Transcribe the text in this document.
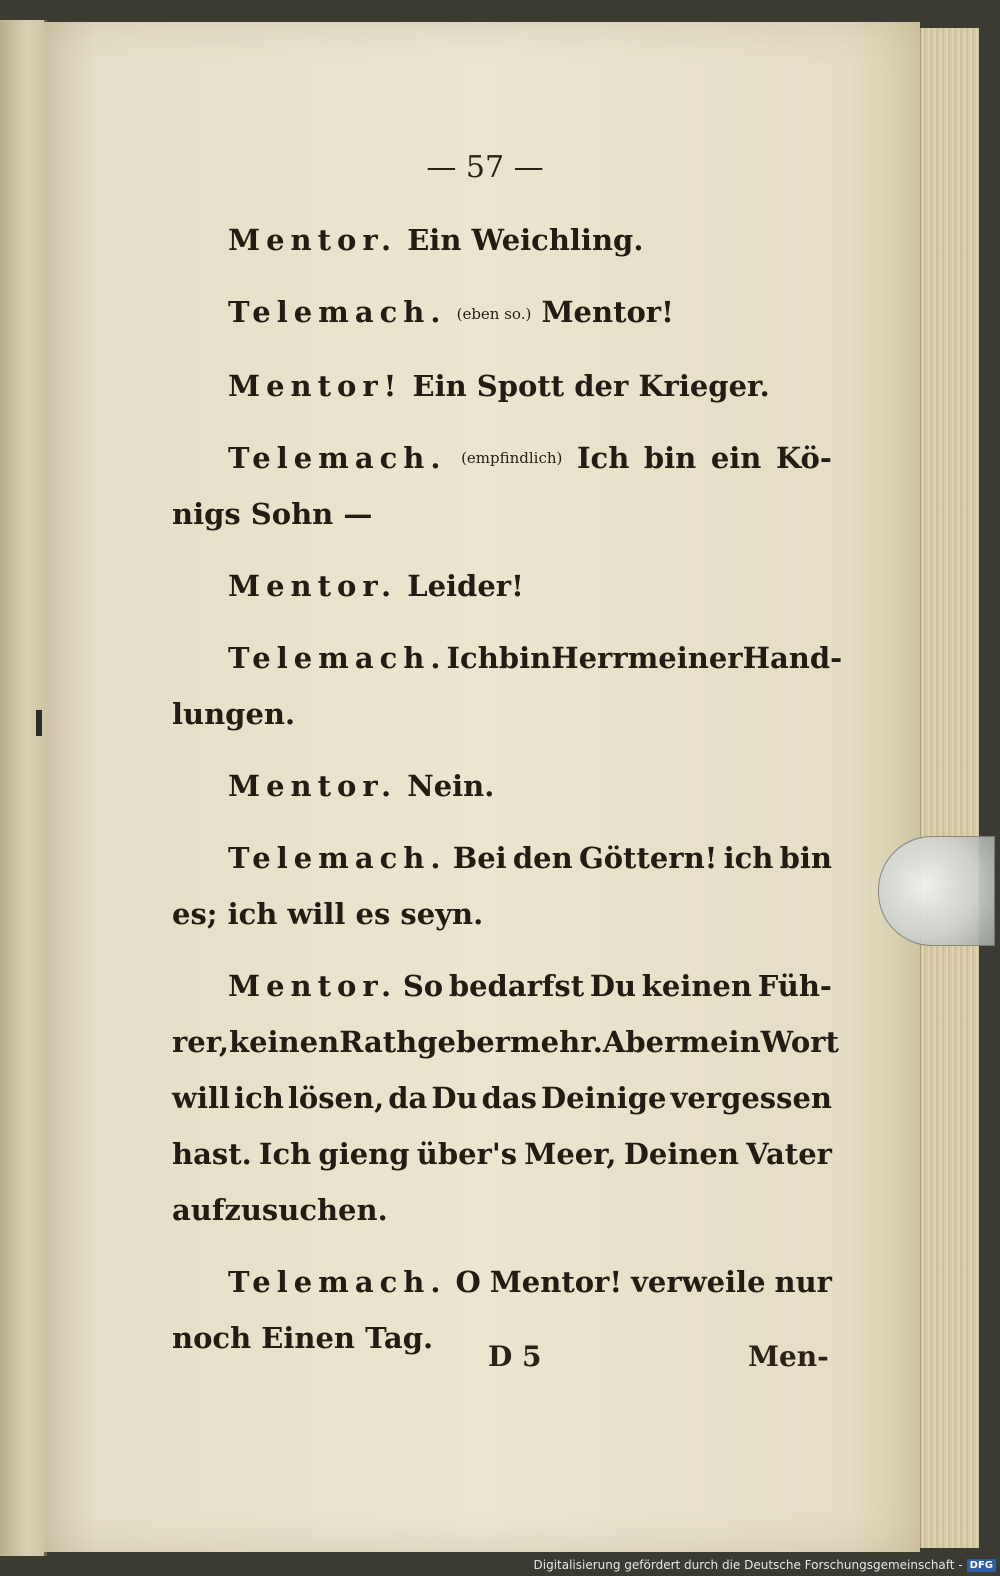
— 57 —
Mentor. Ein Weichling.
Telemach. (eben so.) Mentor!
Mentor! Ein Spott der Krieger.
Telemach. (empfindlich) Ich bin ein Kö-
nigs Sohn —
Mentor. Leider!
Telemach. Ich bin Herr meiner Hand-
lungen.
Mentor. Nein.
Telemach. Bei den Göttern! ich bin
es; ich will es seyn.
Mentor. So bedarfst Du keinen Füh-
rer, keinen Rathgeber mehr. Aber mein Wort
will ich lösen, da Du das Deinige vergessen
hast. Ich gieng über's Meer, Deinen Vater
aufzusuchen.
Telemach. O Mentor! verweile nur
noch Einen Tag.
D 5	Men-
Digitalisierung gefördert durch die Deutsche Forschungsgemeinschaft - DFG
